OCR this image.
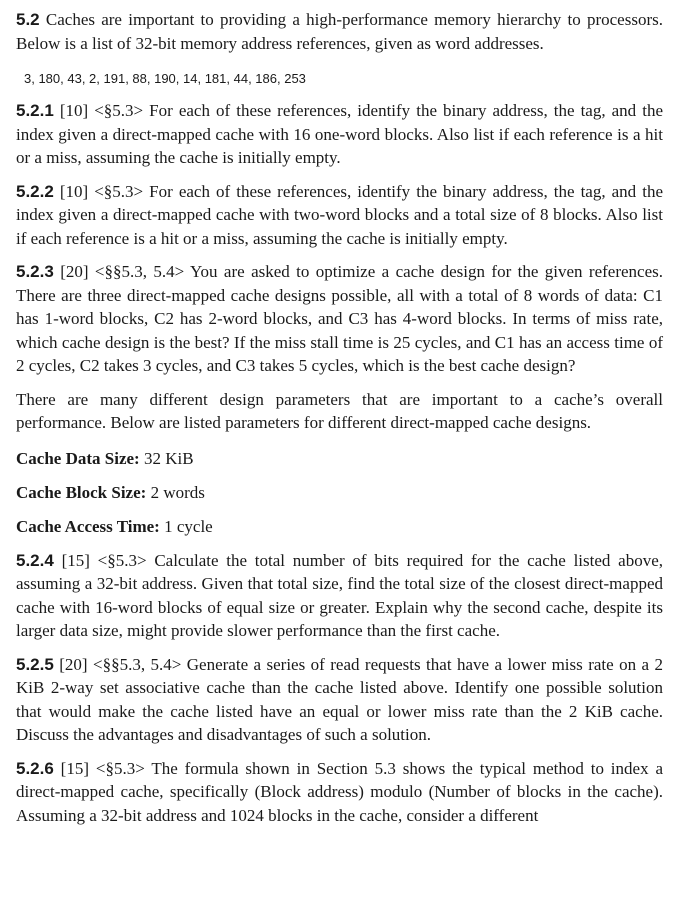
5.2 Caches are important to providing a high-performance memory hierarchy to processors. Below is a list of 32-bit memory address references, given as word addresses.

3, 180, 43, 2, 191, 88, 190, 14, 181, 44, 186, 253

5.2.1 [10] <§5.3> For each of these references, identify the binary address, the tag, and the index given a direct-mapped cache with 16 one-word blocks. Also list if each reference is a hit or a miss, assuming the cache is initially empty.

5.2.2 [10] <§5.3> For each of these references, identify the binary address, the tag, and the index given a direct-mapped cache with two-word blocks and a total size of 8 blocks. Also list if each reference is a hit or a miss, assuming the cache is initially empty.

5.2.3 [20] <§§5.3, 5.4> You are asked to optimize a cache design for the given references. There are three direct-mapped cache designs possible, all with a total of 8 words of data: C1 has 1-word blocks, C2 has 2-word blocks, and C3 has 4-word blocks. In terms of miss rate, which cache design is the best? If the miss stall time is 25 cycles, and C1 has an access time of 2 cycles, C2 takes 3 cycles, and C3 takes 5 cycles, which is the best cache design?

There are many different design parameters that are important to a cache’s overall performance. Below are listed parameters for different direct-mapped cache designs.

Cache Data Size: 32 KiB

Cache Block Size: 2 words

Cache Access Time: 1 cycle

5.2.4 [15] <§5.3> Calculate the total number of bits required for the cache listed above, assuming a 32-bit address. Given that total size, find the total size of the closest direct-mapped cache with 16-word blocks of equal size or greater. Explain why the second cache, despite its larger data size, might provide slower performance than the first cache.

5.2.5 [20] <§§5.3, 5.4> Generate a series of read requests that have a lower miss rate on a 2 KiB 2-way set associative cache than the cache listed above. Identify one possible solution that would make the cache listed have an equal or lower miss rate than the 2 KiB cache. Discuss the advantages and disadvantages of such a solution.

5.2.6 [15] <§5.3> The formula shown in Section 5.3 shows the typical method to index a direct-mapped cache, specifically (Block address) modulo (Number of blocks in the cache). Assuming a 32-bit address and 1024 blocks in the cache, consider a different
